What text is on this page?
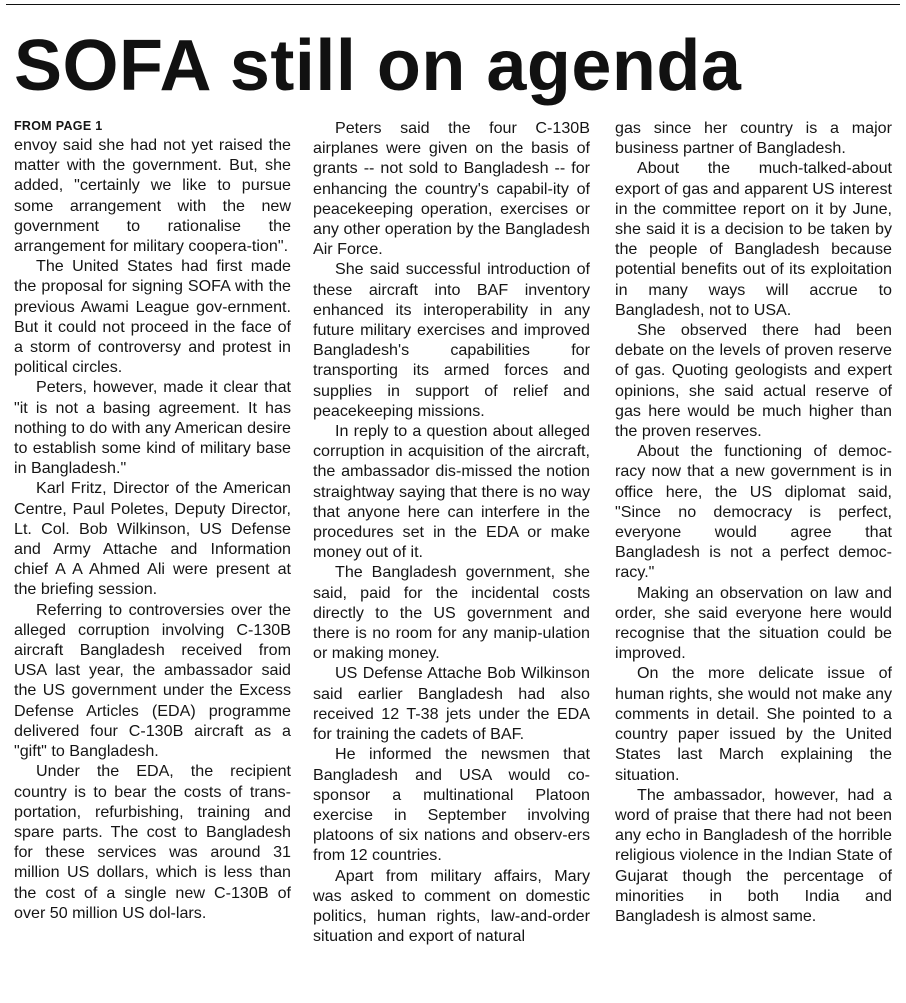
SOFA still on agenda
FROM PAGE 1

envoy said she had not yet raised the matter with the government. But, she added, "certainly we like to pursue some arrangement with the new government to rationalise the arrangement for military coopera-tion".

The United States had first made the proposal for signing SOFA with the previous Awami League gov-ernment. But it could not proceed in the face of a storm of controversy and protest in political circles.

Peters, however, made it clear that "it is not a basing agreement. It has nothing to do with any American desire to establish some kind of military base in Bangladesh."

Karl Fritz, Director of the American Centre, Paul Poletes, Deputy Director, Lt. Col. Bob Wilkinson, US Defense and Army Attache and Information chief A A Ahmed Ali were present at the briefing session.

Referring to controversies over the alleged corruption involving C-130B aircraft Bangladesh received from USA last year, the ambassador said the US government under the Excess Defense Articles (EDA) programme delivered four C-130B aircraft as a "gift" to Bangladesh.

Under the EDA, the recipient country is to bear the costs of trans-portation, refurbishing, training and spare parts. The cost to Bangladesh for these services was around 31 million US dollars, which is less than the cost of a single new C-130B of over 50 million US dol-lars.

Peters said the four C-130B airplanes were given on the basis of grants -- not sold to Bangladesh -- for enhancing the country's capabil-ity of peacekeeping operation, exercises or any other operation by the Bangladesh Air Force.

She said successful introduction of these aircraft into BAF inventory enhanced its interoperability in any future military exercises and improved Bangladesh's capabilities for transporting its armed forces and supplies in support of relief and peacekeeping missions.

In reply to a question about alleged corruption in acquisition of the aircraft, the ambassador dis-missed the notion straightway saying that there is no way that anyone here can interfere in the procedures set in the EDA or make money out of it.

The Bangladesh government, she said, paid for the incidental costs directly to the US government and there is no room for any manip-ulation or making money.

US Defense Attache Bob Wilkinson said earlier Bangladesh had also received 12 T-38 jets under the EDA for training the cadets of BAF.

He informed the newsmen that Bangladesh and USA would co-sponsor a multinational Platoon exercise in September involving platoons of six nations and observ-ers from 12 countries.

Apart from military affairs, Mary was asked to comment on domestic politics, human rights, law-and-order situation and export of natural

gas since her country is a major business partner of Bangladesh.

About the much-talked-about export of gas and apparent US interest in the committee report on it by June, she said it is a decision to be taken by the people of Bangladesh because potential benefits out of its exploitation in many ways will accrue to Bangladesh, not to USA.

She observed there had been debate on the levels of proven reserve of gas. Quoting geologists and expert opinions, she said actual reserve of gas here would be much higher than the proven reserves.

About the functioning of democ-racy now that a new government is in office here, the US diplomat said, "Since no democracy is perfect, everyone would agree that Bangladesh is not a perfect democ-racy."

Making an observation on law and order, she said everyone here would recognise that the situation could be improved.

On the more delicate issue of human rights, she would not make any comments in detail. She pointed to a country paper issued by the United States last March explaining the situation.

The ambassador, however, had a word of praise that there had not been any echo in Bangladesh of the horrible religious violence in the Indian State of Gujarat though the percentage of minorities in both India and Bangladesh is almost same.
